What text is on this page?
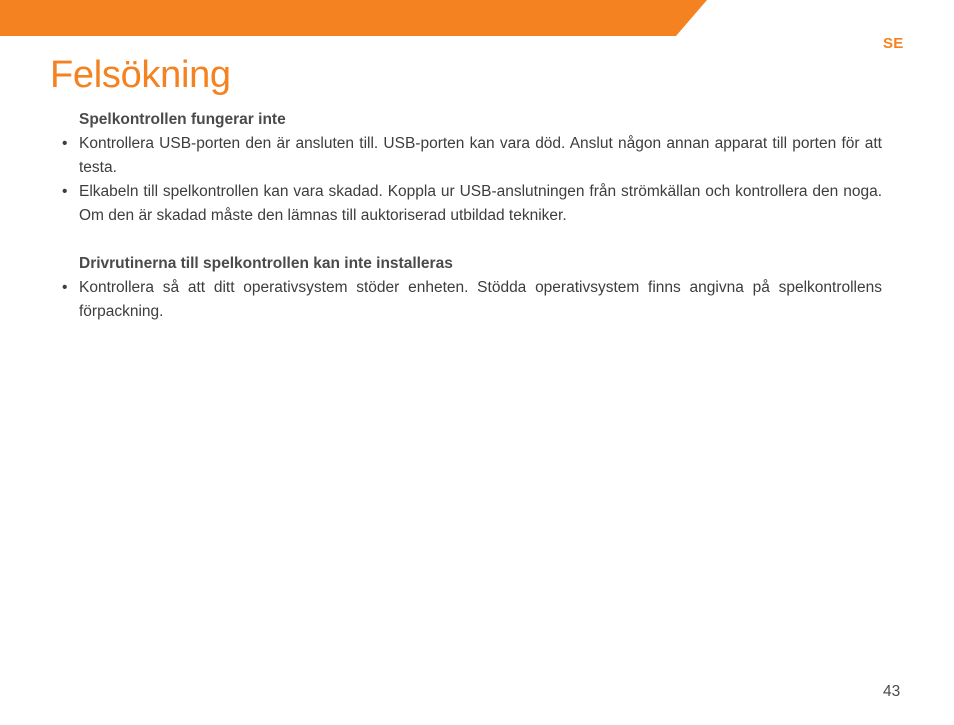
SE
Felsökning
Spelkontrollen fungerar inte
• Kontrollera USB-porten den är ansluten till. USB-porten kan vara död. Anslut någon annan apparat till porten för att testa.
• Elkabeln till spelkontrollen kan vara skadad. Koppla ur USB-anslutningen från strömkällan och kontrollera den noga. Om den är skadad måste den lämnas till auktoriserad utbildad tekniker.
Drivrutinerna till spelkontrollen kan inte installeras
• Kontrollera så att ditt operativsystem stöder enheten. Stödda operativsystem finns angivna på spelkontrollens förpackning.
43
